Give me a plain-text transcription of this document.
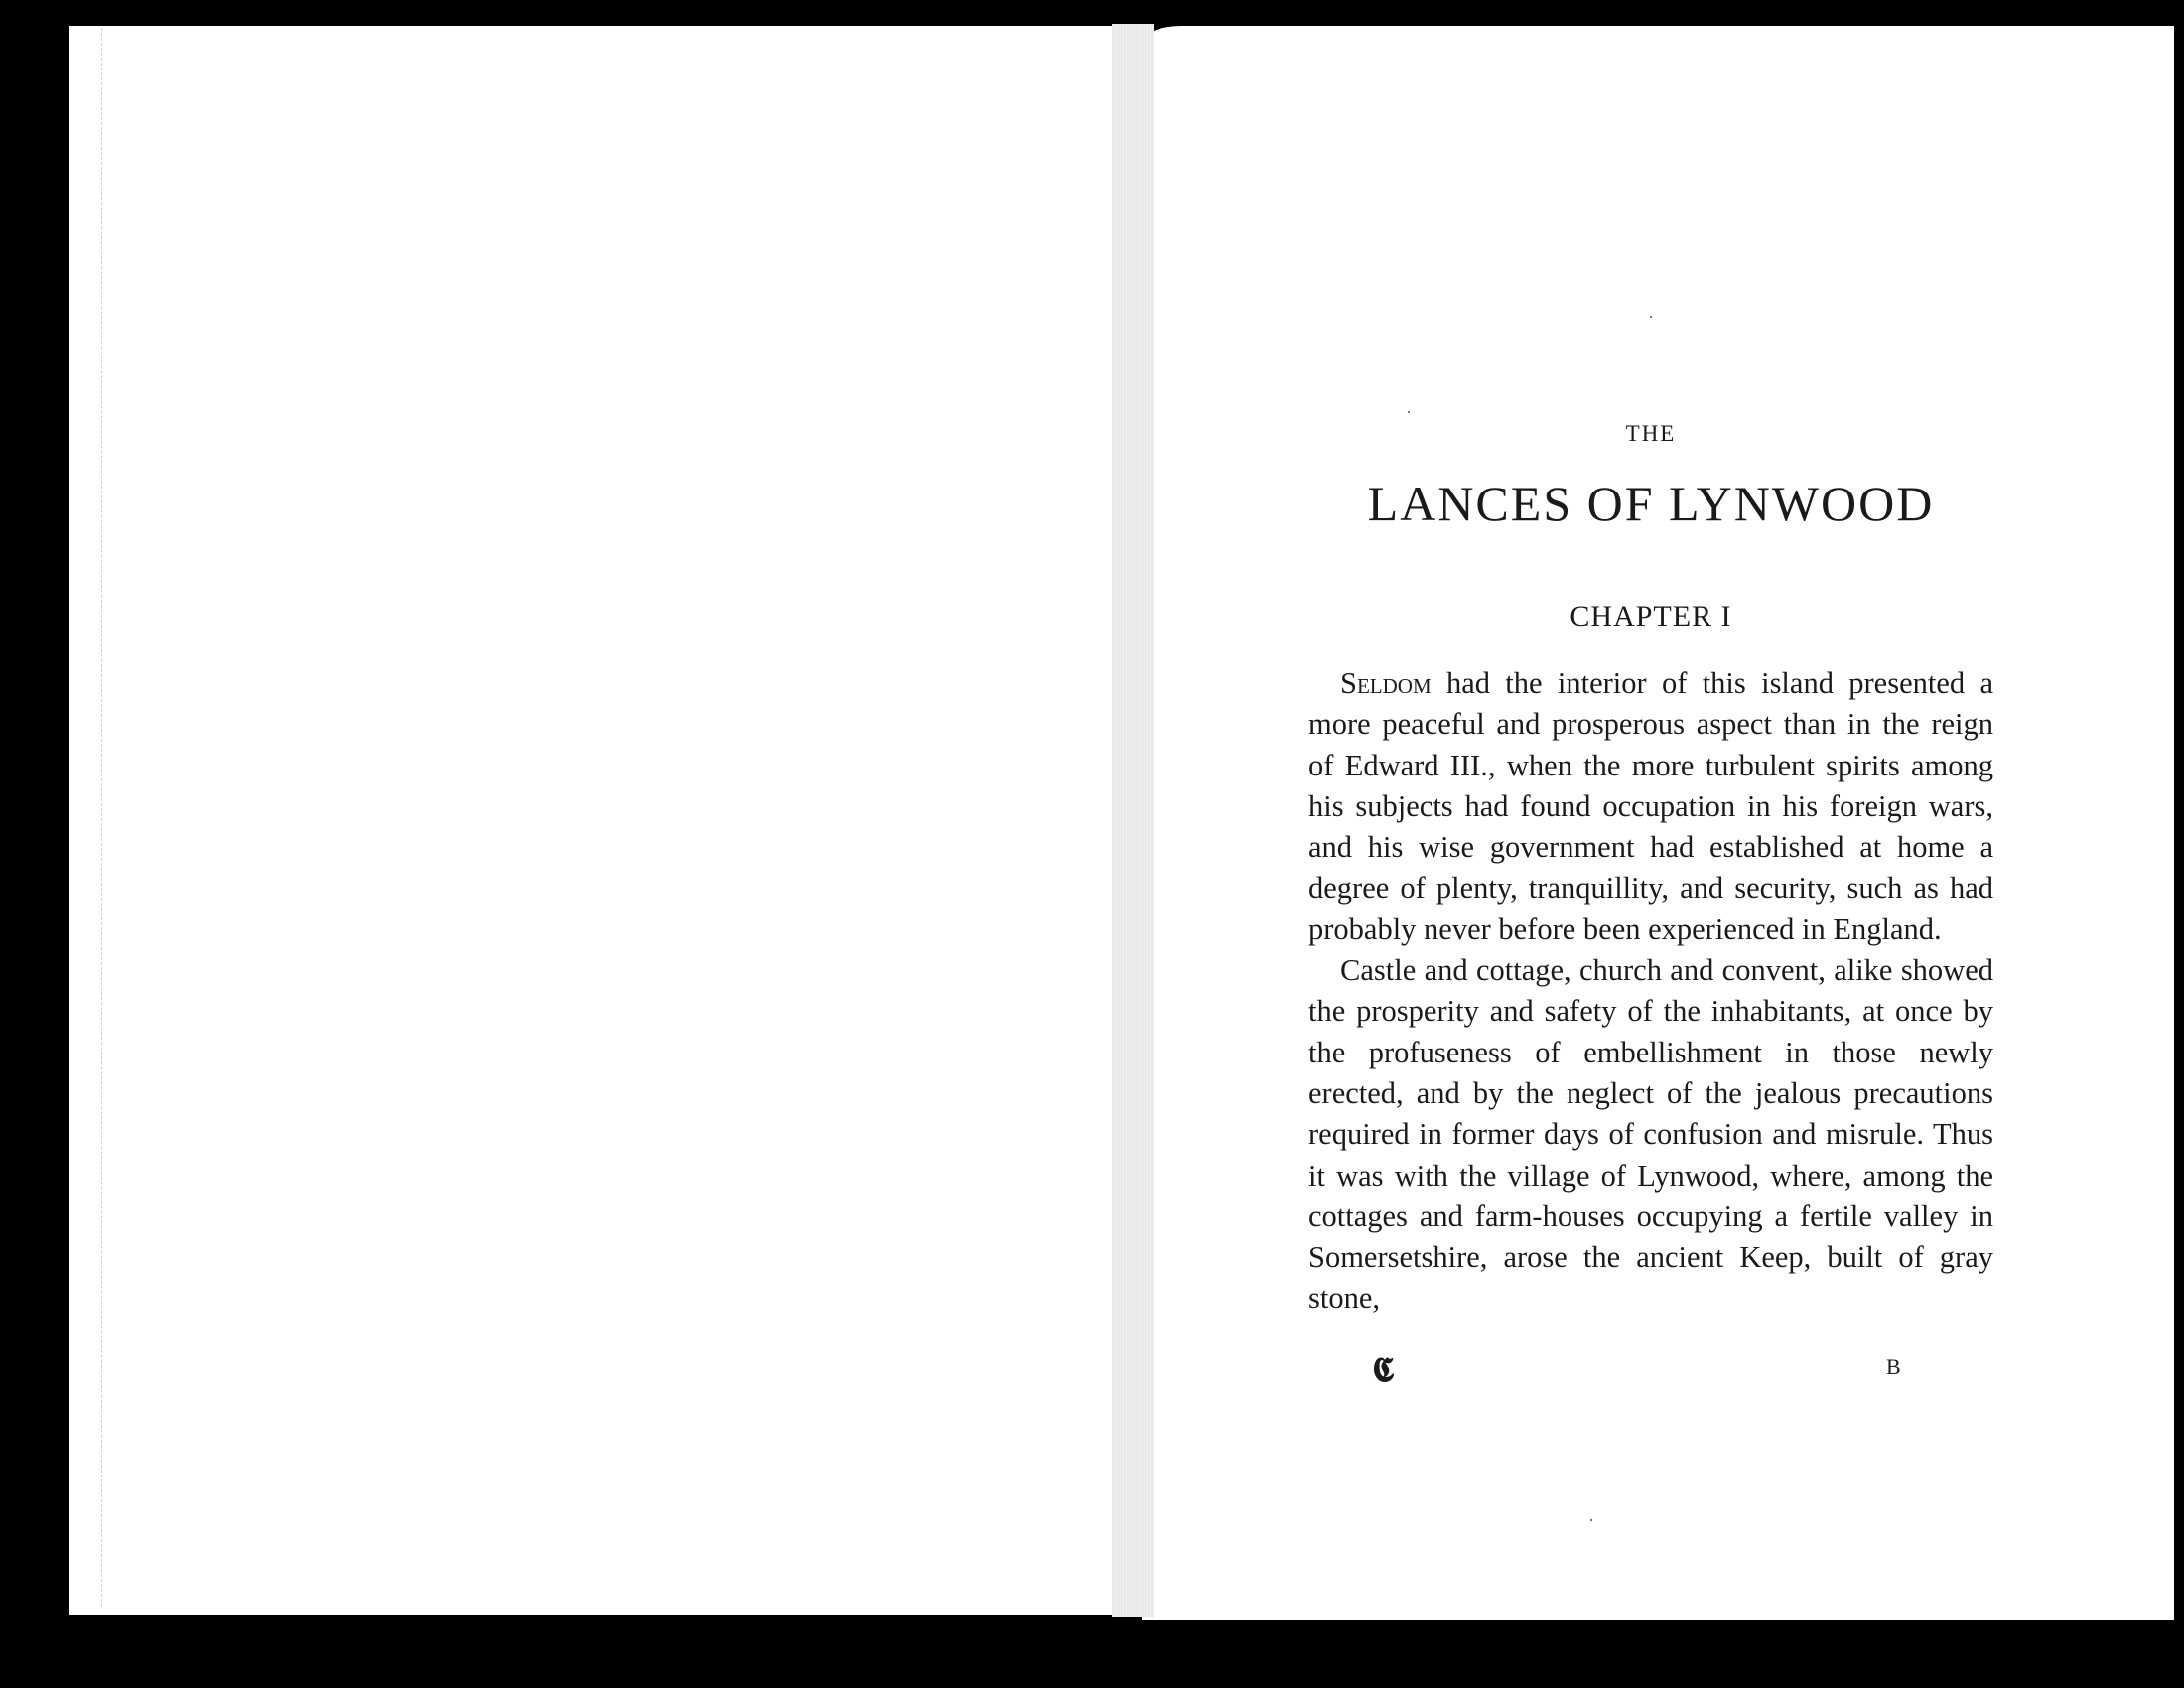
THE
LANCES OF LYNWOOD
CHAPTER I

Seldom had the interior of this island presented a more peaceful and prosperous aspect than in the reign of Edward III., when the more turbulent spirits among his subjects had found occupation in his foreign wars, and his wise government had established at home a degree of plenty, tranquillity, and security, such as had probably never before been experienced in England.

Castle and cottage, church and convent, alike showed the prosperity and safety of the inhabitants, at once by the profuseness of embellishment in those newly erected, and by the neglect of the jealous precautions required in former days of confusion and misrule. Thus it was with the village of Lynwood, where, among the cottages and farm-houses occupying a fertile valley in Somersetshire, arose the ancient Keep, built of gray stone,

𝕮	B
